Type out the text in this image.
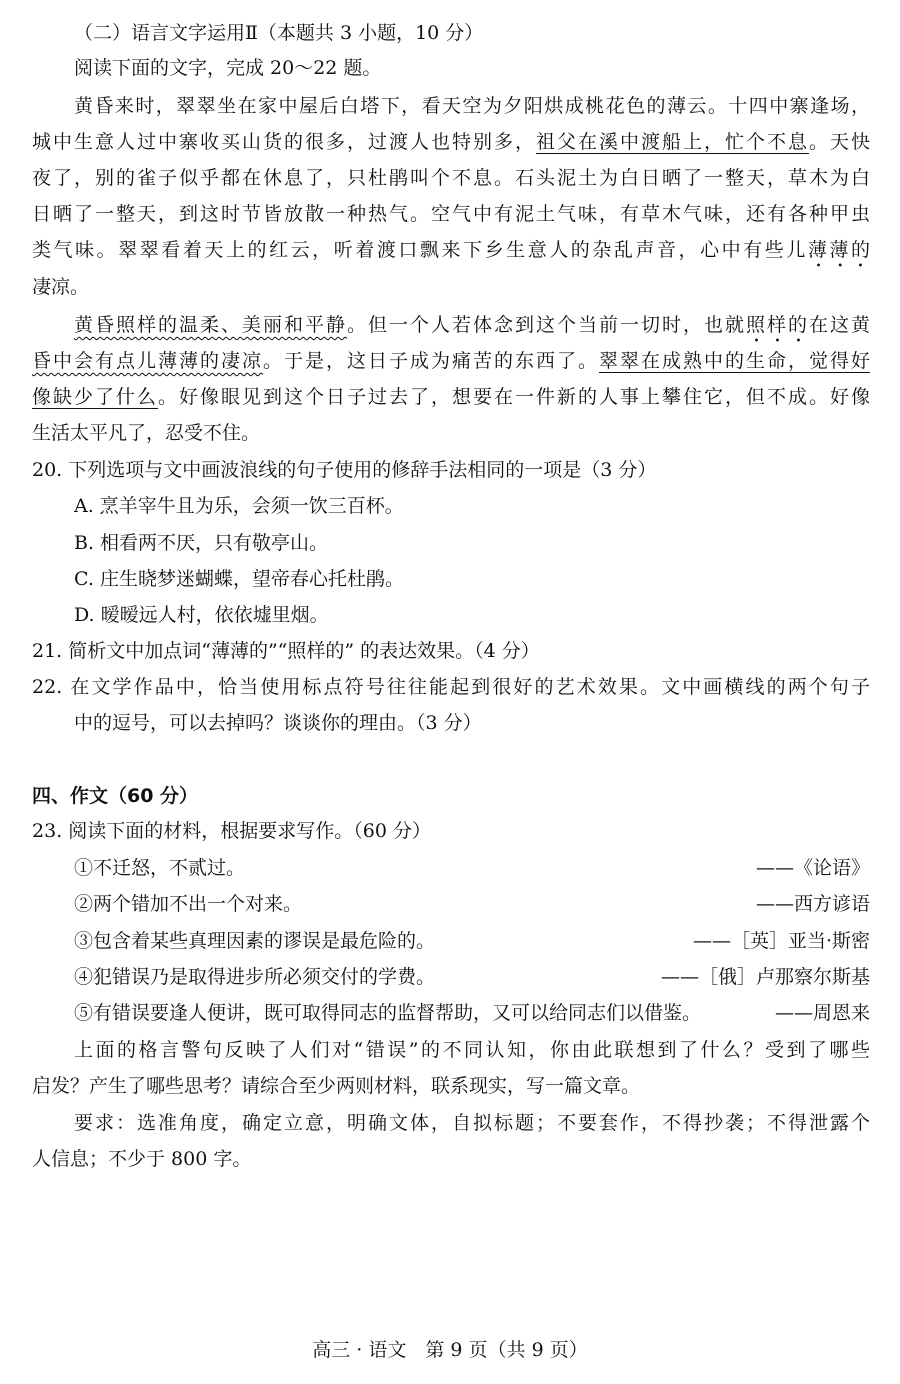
（二）语言文字运用Ⅱ（本题共 3 小题，10 分）
阅读下面的文字，完成 20～22 题。
黄昏来时，翠翠坐在家中屋后白塔下，看天空为夕阳烘成桃花色的薄云。十四中寨逢场，
城中生意人过中寨收买山货的很多，过渡人也特别多，祖父在溪中渡船上，忙个不息。天快
夜了，别的雀子似乎都在休息了，只杜鹃叫个不息。石头泥土为白日晒了一整天，草木为白
日晒了一整天，到这时节皆放散一种热气。空气中有泥土气味，有草木气味，还有各种甲虫
类气味。翠翠看着天上的红云，听着渡口飘来下乡生意人的杂乱声音，心中有些儿薄薄的
凄凉。
黄昏照样的温柔、美丽和平静。但一个人若体念到这个当前一切时，也就照样的在这黄
昏中会有点儿薄薄的凄凉。于是，这日子成为痛苦的东西了。翠翠在成熟中的生命，觉得好
像缺少了什么。好像眼见到这个日子过去了，想要在一件新的人事上攀住它，但不成。好像
生活太平凡了，忍受不住。
20. 下列选项与文中画波浪线的句子使用的修辞手法相同的一项是（3 分）
A. 烹羊宰牛且为乐，会须一饮三百杯。
B. 相看两不厌，只有敬亭山。
C. 庄生晓梦迷蝴蝶，望帝春心托杜鹃。
D. 暧暧远人村，依依墟里烟。
21. 简析文中加点词“薄薄的”“照样的” 的表达效果。（4 分）
22. 在文学作品中，恰当使用标点符号往往能起到很好的艺术效果。文中画横线的两个句子
中的逗号，可以去掉吗？谈谈你的理由。（3 分）
四、作文（60 分）
23. 阅读下面的材料，根据要求写作。（60 分）
①不迁怒，不贰过。	——《论语》
②两个错加不出一个对来。	——西方谚语
③包含着某些真理因素的谬误是最危险的。	——［英］亚当·斯密
④犯错误乃是取得进步所必须交付的学费。	——［俄］卢那察尔斯基
⑤有错误要逢人便讲，既可取得同志的监督帮助，又可以给同志们以借鉴。	——周恩来
上面的格言警句反映了人们对“错误”的不同认知，你由此联想到了什么？受到了哪些
启发？产生了哪些思考？请综合至少两则材料，联系现实，写一篇文章。
要求：选准角度，确定立意，明确文体，自拟标题；不要套作，不得抄袭；不得泄露个
人信息；不少于 800 字。
高三 · 语文　第 9 页（共 9 页）
